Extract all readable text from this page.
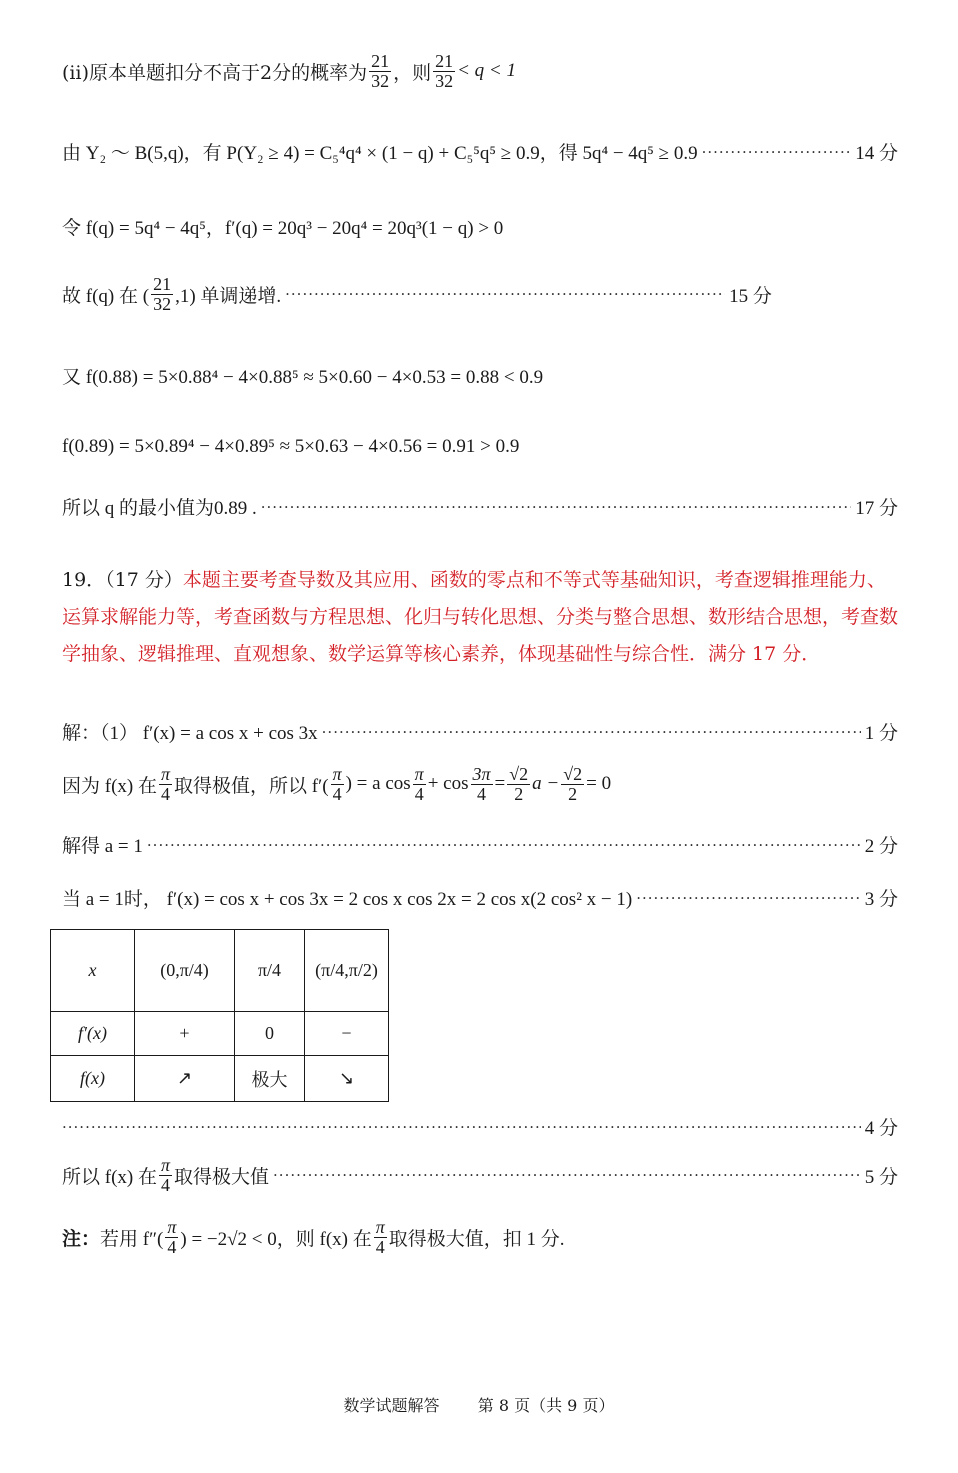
(ⅱ)原本单题扣分不高于2分的概率为 $\frac{21}{32}$ ，则 $\frac{21}{32} < q < 1$
由 Y₂ ～ B(5,q)，有 P(Y₂ ≥ 4) = C₅⁴q⁴ × (1 − q) + C₅⁵q⁵ ≥ 0.9，得 5q⁴ − 4q⁵ ≥ 0.9 ·····	14 分
令 f(q) = 5q⁴ − 4q⁵，f′(q) = 20q³ − 20q⁴ = 20q³(1 − q) > 0
故 f(q) 在 ( $\frac{21}{32} ,1$) 单调递增. ·····	15 分
又 f(0.88) = 5×0.88⁴ − 4×0.88⁵ ≈ 5×0.60 − 4×0.53 = 0.88 < 0.9
f(0.89) = 5×0.89⁴ − 4×0.89⁵ ≈ 5×0.63 − 4×0.56 = 0.91 > 0.9
所以 q 的最小值为0.89 . ·····	17 分
19．（17 分）本题主要考查导数及其应用、函数的零点和不等式等基础知识，考查逻辑推理能力、运算求解能力等，考查函数与方程思想、化归与转化思想、分类与整合思想、数形结合思想，考查数学抽象、逻辑推理、直观想象、数学运算等核心素养，体现基础性与综合性．满分 17 分．
解：（1） f′(x) = a cos x + cos 3x ·····	1 分
因为 f(x) 在 $\frac{\pi}{4}$ 取得极值，所以 $f'( \frac{\pi}{4}$ ) = a $\cos \frac{\pi}{4} + \cos \frac{3\pi}{4} = \frac{√2}{2}$ $a - \frac{√2}{2} = 0$
解得 a = 1 ·····	2 分
当 a = 1时， f′(x) = cos x + cos 3x = 2 cos x cos 2x = 2 cos x(2 cos² x − 1) ·····	3 分
x	(0,π/4)	π/4	(π/4,π/2)
f′(x)	+	0	−
f(x)	↗	极大	↘
·····
4 分
所以 f(x) 在 $\frac{\pi}{4}$ 取得极大值 ·····	5 分
注： 若用 $f''( \frac{\pi}{4}$ ) = −2√2 < 0，则 f(x) 在 $\frac{\pi}{4}$ 取得极大值，扣 1 分.
数学试题解答 第 8 页（共 9 页）
